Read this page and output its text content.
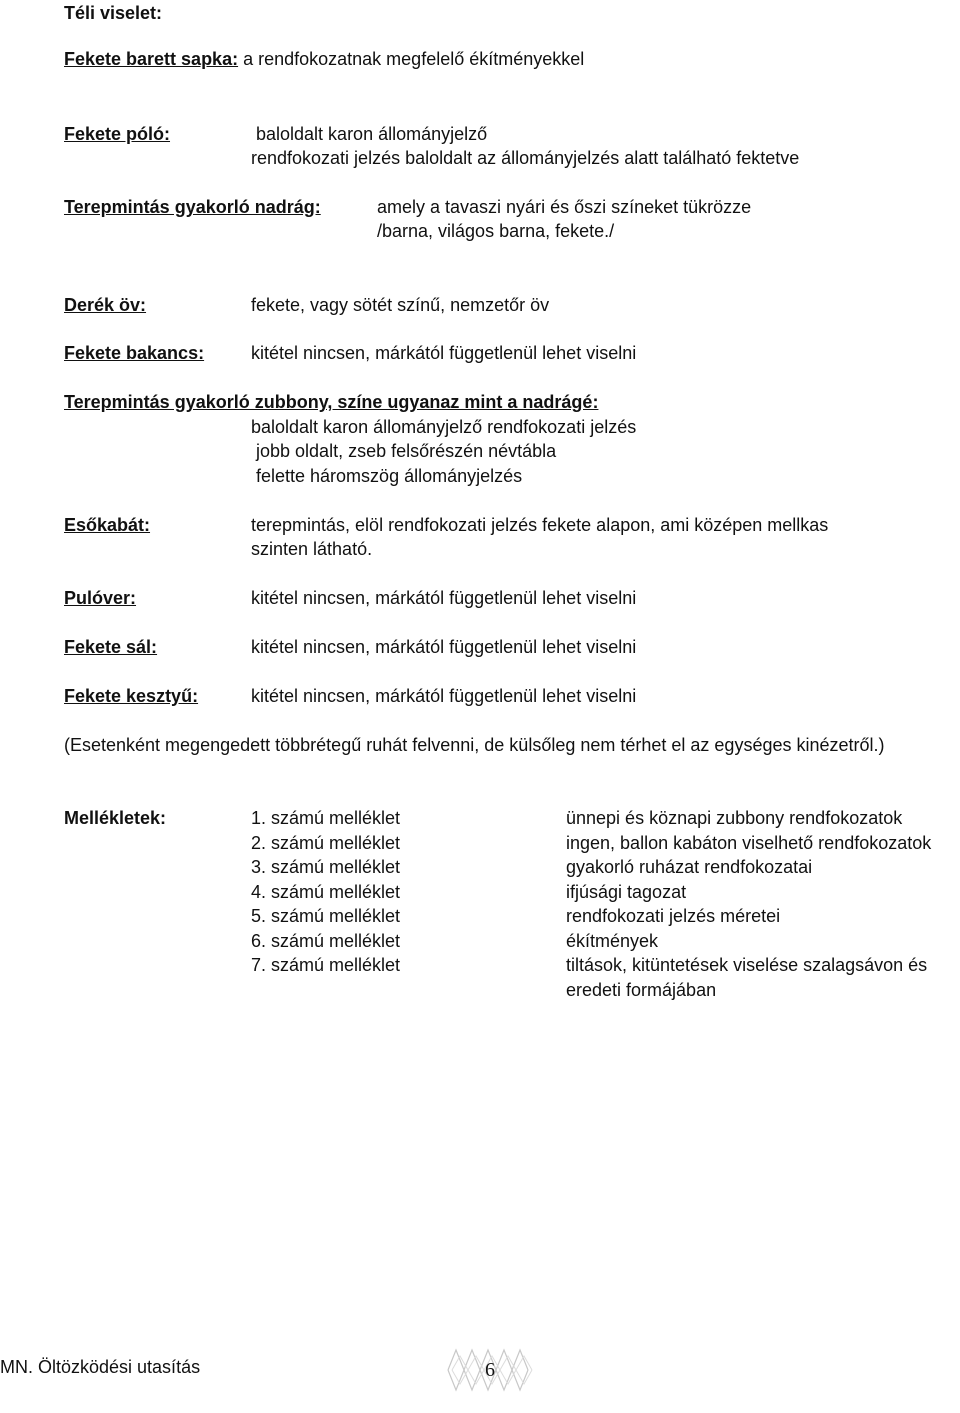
Téli viselet:
Fekete barett sapka: a rendfokozatnak megfelelő ékítményekkel
Fekete póló:	baloldalt karon állományjelző
rendfokozati jelzés baloldalt az állományjelzés alatt található fektetve
Terepmintás gyakorló nadrág:	amely a tavaszi nyári és őszi színeket tükrözze
/barna, világos barna, fekete./
Derék öv:	fekete, vagy sötét színű, nemzetőr öv
Fekete bakancs:	kitétel nincsen, márkától függetlenül lehet viselni
Terepmintás gyakorló zubbony, színe ugyanaz mint a nadrágé:
baloldalt karon állományjelző rendfokozati jelzés
jobb oldalt, zseb felsőrészén névtábla
felette háromszög állományjelzés
Esőkabát:	terepmintás, elöl rendfokozati jelzés fekete alapon, ami középen mellkas
szinten látható.
Pulóver:	kitétel nincsen, márkától függetlenül lehet viselni
Fekete sál:	kitétel nincsen, márkától függetlenül lehet viselni
Fekete kesztyű:	kitétel nincsen, márkától függetlenül lehet viselni
(Esetenként megengedett többrétegű ruhát felvenni, de külsőleg nem térhet el az egységes kinézetről.)
Mellékletek:	1. számú melléklet	ünnepi és köznapi zubbony rendfokozatok
2. számú melléklet	ingen, ballon kabáton viselhető rendfokozatok
3. számú melléklet	gyakorló ruházat rendfokozatai
4. számú melléklet	ifjúsági tagozat
5. számú melléklet	rendfokozati jelzés méretei
6. számú melléklet	ékítmények
7. számú melléklet	tiltások, kitüntetések viselése szalagsávon és
eredeti formájában
MN. Öltözködési utasítás	6
